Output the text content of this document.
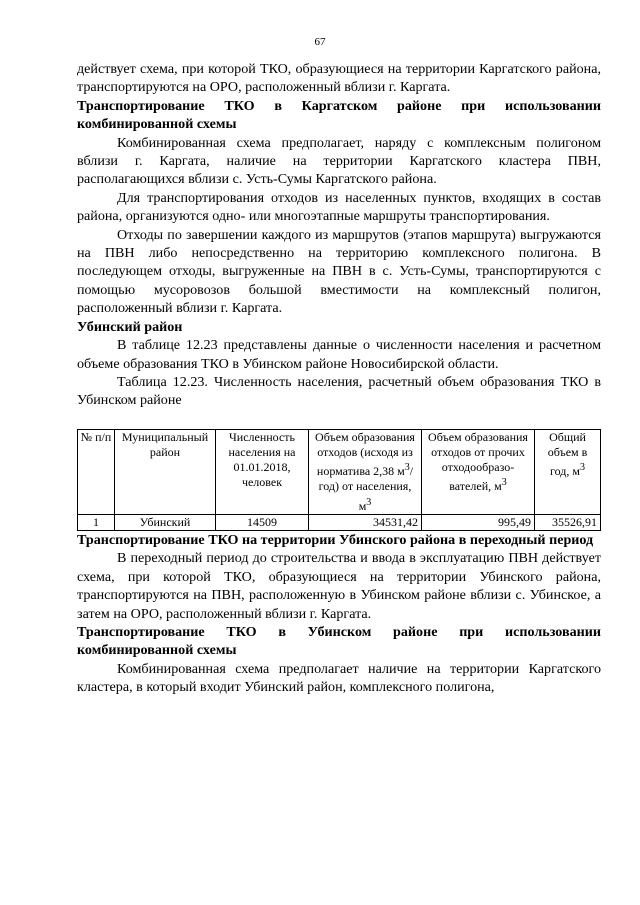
67

действует схема, при которой ТКО, образующиеся на территории Каргатского района, транспортируются на ОРО, расположенный вблизи г. Каргата.

Транспортирование ТКО в Каргатском районе при использовании комбинированной схемы

Комбинированная схема предполагает, наряду с комплексным полигоном вблизи г. Каргата, наличие на территории Каргатского кластера ПВН, располагающихся вблизи с. Усть-Сумы Каргатского района.

Для транспортирования отходов из населенных пунктов, входящих в состав района, организуются одно- или многоэтапные маршруты транспортирования.

Отходы по завершении каждого из маршрутов (этапов маршрута) выгружаются на ПВН либо непосредственно на территорию комплексного полигона. В последующем отходы, выгруженные на ПВН в с. Усть-Сумы, транспортируются с помощью мусоровозов большой вместимости на комплексный полигон, расположенный вблизи г. Каргата.

Убинский район

В таблице 12.23 представлены данные о численности населения и расчетном объеме образования ТКО в Убинском районе Новосибирской области.

Таблица 12.23. Численность населения, расчетный объем образования ТКО в Убинском районе

№ п/п	Муниципальный район	Численность населения на 01.01.2018, человек	Объем образования отходов (исходя из норматива 2,38 $м^3/год$) от населения, $м^3$	Объем образования отходов от прочих отходообразо-вателей, $м^3$	Общий объем в год, $м^3$
1	Убинский	14509	34531,42	995,49	35526,91

Транспортирование ТКО на территории Убинского района в переходный период

В переходный период до строительства и ввода в эксплуатацию ПВН действует схема, при которой ТКО, образующиеся на территории Убинского района, транспортируются на ПВН, расположенную в Убинском районе вблизи с. Убинское, а затем на ОРО, расположенный вблизи г. Каргата.

Транспортирование ТКО в Убинском районе при использовании комбинированной схемы

Комбинированная схема предполагает наличие на территории Каргатского кластера, в который входит Убинский район, комплексного полигона,
